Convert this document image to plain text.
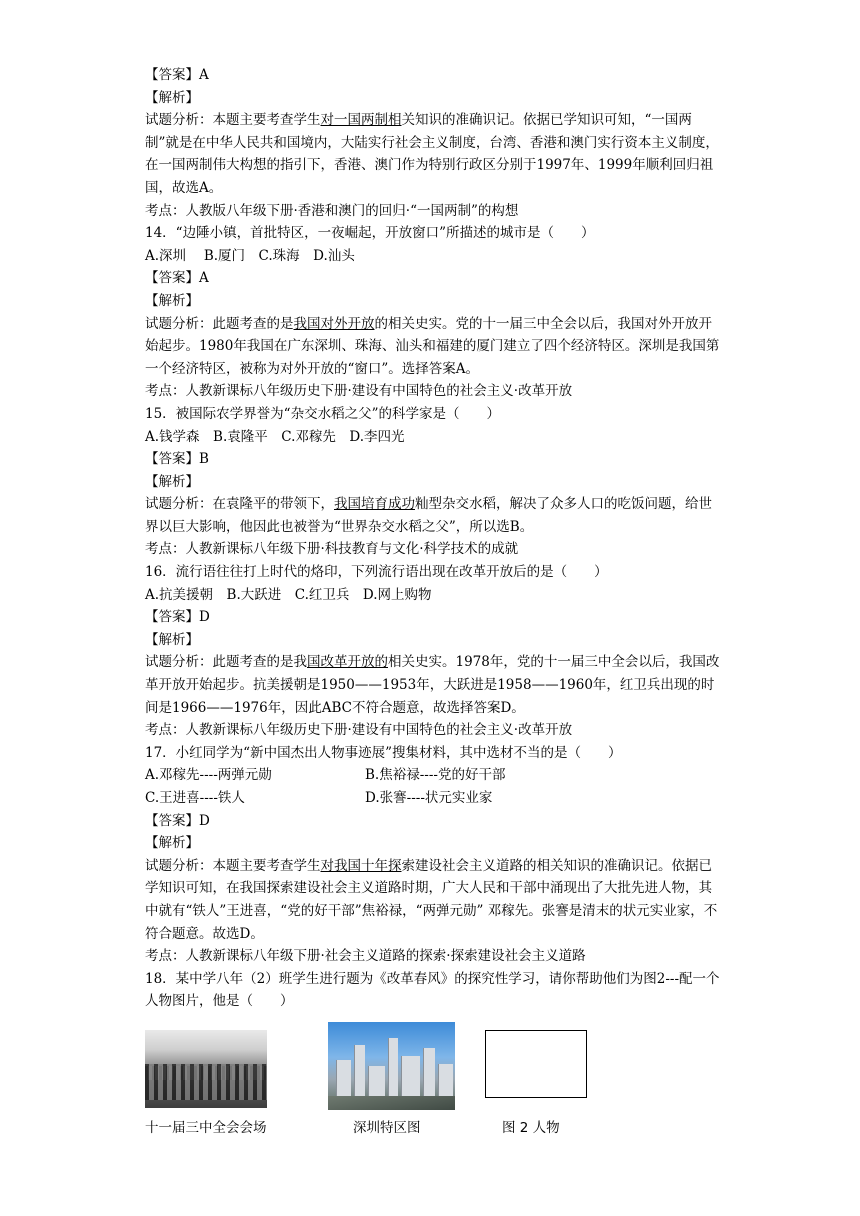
【答案】A

【解析】

试题分析：本题主要考查学生对一国两制相关知识的准确识记。依据已学知识可知，“一国两制”就是在中华人民共和国境内，大陆实行社会主义制度，台湾、香港和澳门实行资本主义制度，在一国两制伟大构想的指引下，香港、澳门作为特别行政区分别于1997年、1999年顺利回归祖国，故选A。

考点：人教版八年级下册·香港和澳门的回归·“一国两制”的构想

14．“边陲小镇，首批特区，一夜崛起，开放窗口”所描述的城市是（　　）

A.深圳　 B.厦门　C.珠海　D.汕头

【答案】A

【解析】

试题分析：此题考查的是我国对外开放的相关史实。党的十一届三中全会以后，我国对外开放开始起步。1980年我国在广东深圳、珠海、汕头和福建的厦门建立了四个经济特区。深圳是我国第一个经济特区，被称为对外开放的“窗口”。选择答案A。

考点：人教新课标八年级历史下册·建设有中国特色的社会主义·改革开放

15．被国际农学界誉为“杂交水稻之父”的科学家是（　　）

A.钱学森　B.袁隆平　C.邓稼先　D.李四光

【答案】B

【解析】

试题分析：在袁隆平的带领下，我国培育成功籼型杂交水稻，解决了众多人口的吃饭问题，给世界以巨大影响，他因此也被誉为“世界杂交水稻之父”，所以选B。

考点：人教新课标八年级下册·科技教育与文化·科学技术的成就

16．流行语往往打上时代的烙印，下列流行语出现在改革开放后的是（　　）

A.抗美援朝　B.大跃进　C.红卫兵　D.网上购物

【答案】D

【解析】

试题分析：此题考查的是我国改革开放的相关史实。1978年，党的十一届三中全会以后，我国改革开放开始起步。抗美援朝是1950——1953年，大跃进是1958——1960年，红卫兵出现的时间是1966——1976年，因此ABC不符合题意，故选择答案D。

考点：人教新课标八年级历史下册·建设有中国特色的社会主义·改革开放

17．小红同学为“新中国杰出人物事迹展”搜集材料，其中选材不当的是（　　）

A.邓稼先----两弹元勋	B.焦裕禄----党的好干部
C.王进喜----铁人	D.张謇----状元实业家

【答案】D

【解析】

试题分析：本题主要考查学生对我国十年探索建设社会主义道路的相关知识的准确识记。依据已学知识可知，在我国探索建设社会主义道路时期，广大人民和干部中涌现出了大批先进人物，其中就有“铁人”王进喜，“党的好干部”焦裕禄，“两弹元勋” 邓稼先。张謇是清末的状元实业家，不符合题意。故选D。

考点：人教新课标八年级下册·社会主义道路的探索·探索建设社会主义道路

18．某中学八年（2）班学生进行题为《改革春风》的探究性学习，请你帮助他们为图2---配一个人物图片，他是（　　）

十一届三中全会会场	深圳特区图	图 2 人物
